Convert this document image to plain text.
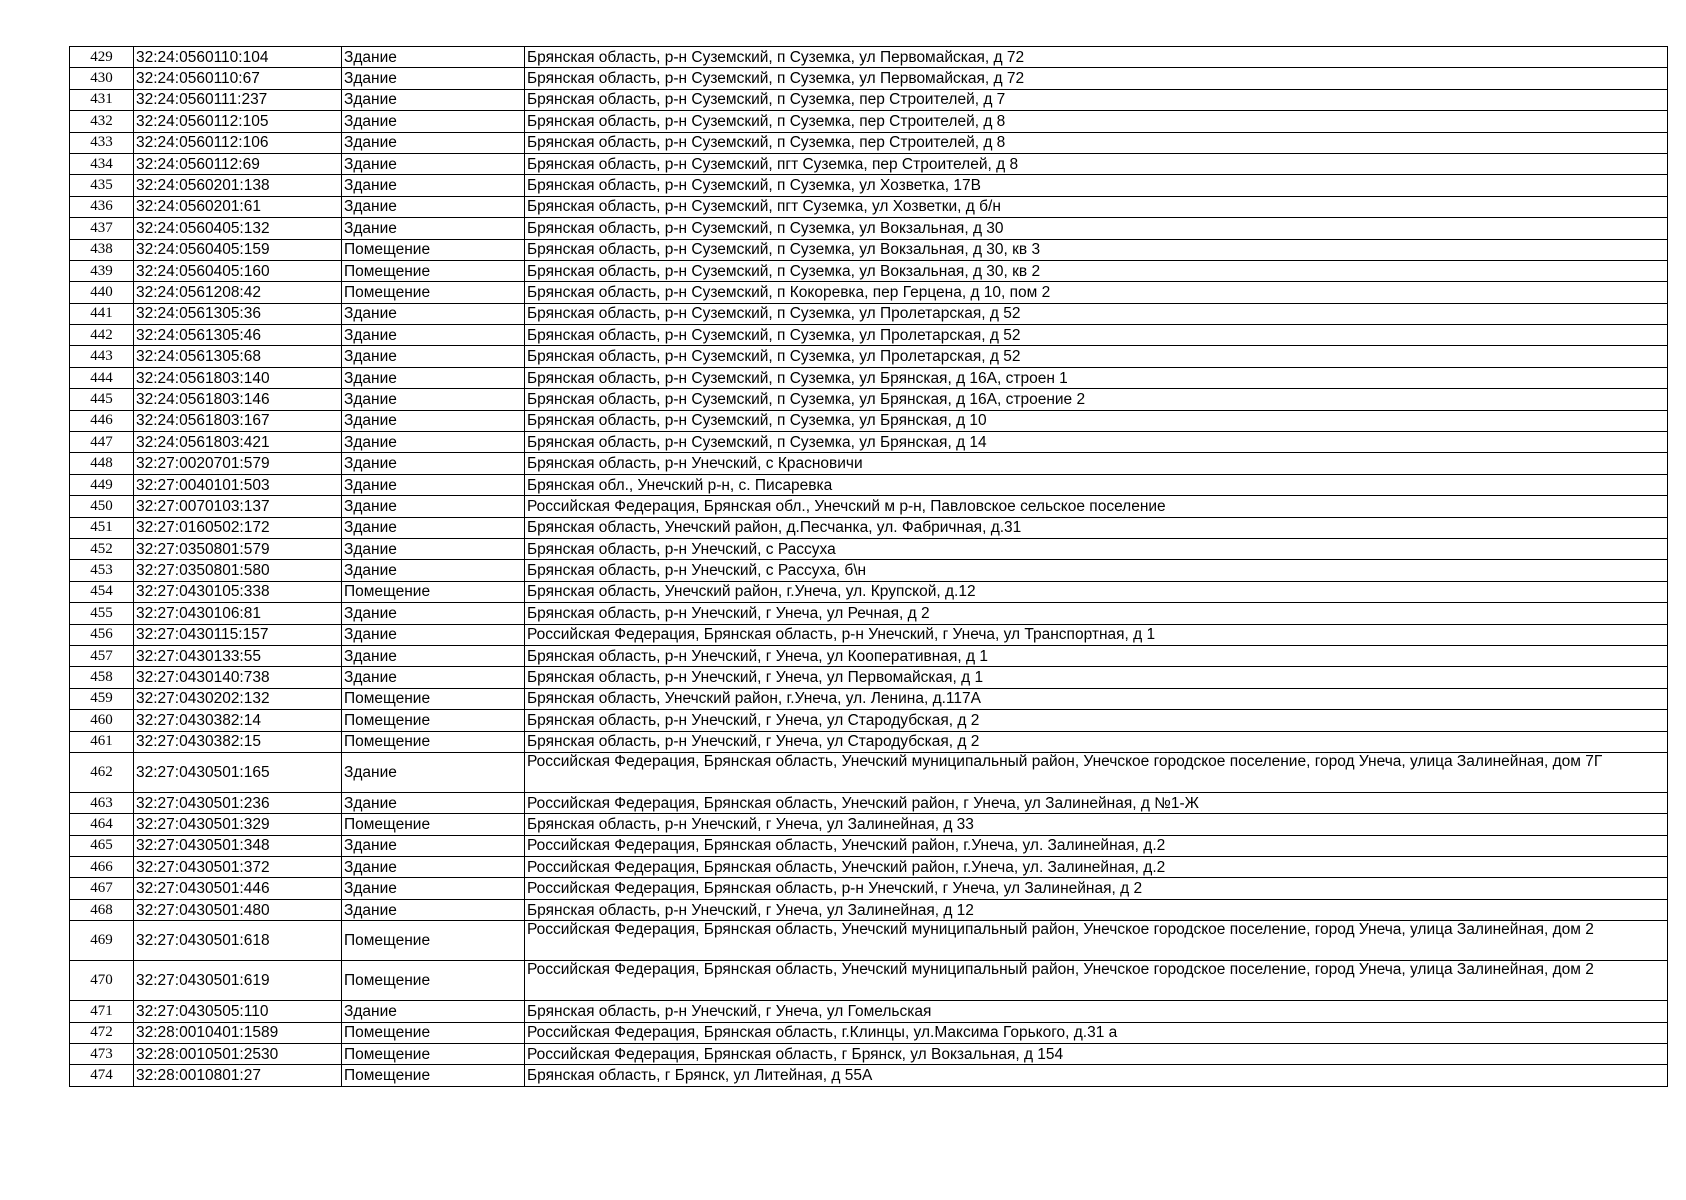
429	32:24:0560110:104	Здание	Брянская область, р-н Суземский, п Суземка, ул Первомайская, д 72
430	32:24:0560110:67	Здание	Брянская область, р-н Суземский, п Суземка, ул Первомайская, д 72
431	32:24:0560111:237	Здание	Брянская область, р-н Суземский, п Суземка, пер Строителей, д 7
432	32:24:0560112:105	Здание	Брянская область, р-н Суземский, п Суземка, пер Строителей, д 8
433	32:24:0560112:106	Здание	Брянская область, р-н Суземский, п Суземка, пер Строителей, д 8
434	32:24:0560112:69	Здание	Брянская область, р-н Суземский, пгт Суземка, пер Строителей, д 8
435	32:24:0560201:138	Здание	Брянская область, р-н Суземский, п Суземка, ул Хозветка, 17В
436	32:24:0560201:61	Здание	Брянская область, р-н Суземский, пгт Суземка, ул Хозветки, д б/н
437	32:24:0560405:132	Здание	Брянская область, р-н Суземский, п Суземка, ул Вокзальная, д 30
438	32:24:0560405:159	Помещение	Брянская область, р-н Суземский, п Суземка, ул Вокзальная, д 30, кв 3
439	32:24:0560405:160	Помещение	Брянская область, р-н Суземский, п Суземка, ул Вокзальная, д 30, кв 2
440	32:24:0561208:42	Помещение	Брянская область, р-н Суземский, п Кокоревка, пер Герцена, д 10, пом 2
441	32:24:0561305:36	Здание	Брянская область, р-н Суземский, п Суземка, ул Пролетарская, д 52
442	32:24:0561305:46	Здание	Брянская область, р-н Суземский, п Суземка, ул Пролетарская, д 52
443	32:24:0561305:68	Здание	Брянская область, р-н Суземский, п Суземка, ул Пролетарская, д 52
444	32:24:0561803:140	Здание	Брянская область, р-н Суземский, п Суземка, ул Брянская, д 16А, строен 1
445	32:24:0561803:146	Здание	Брянская область, р-н Суземский, п Суземка, ул Брянская, д 16А, строение 2
446	32:24:0561803:167	Здание	Брянская область, р-н Суземский, п Суземка, ул Брянская, д 10
447	32:24:0561803:421	Здание	Брянская область, р-н Суземский, п Суземка, ул Брянская, д 14
448	32:27:0020701:579	Здание	Брянская область, р-н Унечский, с Красновичи
449	32:27:0040101:503	Здание	Брянская обл., Унечский р-н, с. Писаревка
450	32:27:0070103:137	Здание	Российская Федерация, Брянская обл., Унечский м р-н, Павловское сельское поселение
451	32:27:0160502:172	Здание	Брянская область, Унечский район, д.Песчанка, ул. Фабричная, д.31
452	32:27:0350801:579	Здание	Брянская область, р-н Унечский, с Рассуха
453	32:27:0350801:580	Здание	Брянская область, р-н Унечский, с Рассуха, б\н
454	32:27:0430105:338	Помещение	Брянская область, Унечский район, г.Унеча, ул. Крупской, д.12
455	32:27:0430106:81	Здание	Брянская область, р-н Унечский, г Унеча, ул Речная, д 2
456	32:27:0430115:157	Здание	Российская Федерация, Брянская область, р-н Унечский, г Унеча, ул Транспортная, д 1
457	32:27:0430133:55	Здание	Брянская область, р-н Унечский, г Унеча, ул Кооперативная, д 1
458	32:27:0430140:738	Здание	Брянская область, р-н Унечский, г Унеча, ул Первомайская, д 1
459	32:27:0430202:132	Помещение	Брянская область, Унечский район, г.Унеча, ул. Ленина, д.117А
460	32:27:0430382:14	Помещение	Брянская область, р-н Унечский, г Унеча, ул Стародубская, д 2
461	32:27:0430382:15	Помещение	Брянская область, р-н Унечский, г Унеча, ул Стародубская, д 2
462	32:27:0430501:165	Здание	Российская Федерация, Брянская область, Унечский муниципальный район, Унечское городское поселение, город Унеча, улица Залинейная, дом 7Г
463	32:27:0430501:236	Здание	Российская Федерация, Брянская область, Унечский район, г Унеча, ул Залинейная, д №1-Ж
464	32:27:0430501:329	Помещение	Брянская область, р-н Унечский, г Унеча, ул Залинейная, д 33
465	32:27:0430501:348	Здание	Российская Федерация, Брянская область, Унечский район, г.Унеча, ул. Залинейная, д.2
466	32:27:0430501:372	Здание	Российская Федерация, Брянская область, Унечский район, г.Унеча, ул. Залинейная, д.2
467	32:27:0430501:446	Здание	Российская Федерация, Брянская область, р-н Унечский, г Унеча, ул Залинейная, д 2
468	32:27:0430501:480	Здание	Брянская область, р-н Унечский, г Унеча, ул Залинейная, д 12
469	32:27:0430501:618	Помещение	Российская Федерация, Брянская область, Унечский муниципальный район, Унечское городское поселение, город Унеча, улица Залинейная, дом 2
470	32:27:0430501:619	Помещение	Российская Федерация, Брянская область, Унечский муниципальный район, Унечское городское поселение, город Унеча, улица Залинейная, дом 2
471	32:27:0430505:110	Здание	Брянская область, р-н Унечский, г Унеча, ул Гомельская
472	32:28:0010401:1589	Помещение	Российская Федерация, Брянская область, г.Клинцы, ул.Максима Горького, д.31 а
473	32:28:0010501:2530	Помещение	Российская Федерация, Брянская область, г Брянск, ул Вокзальная, д 154
474	32:28:0010801:27	Помещение	Брянская область, г Брянск, ул Литейная, д 55А
